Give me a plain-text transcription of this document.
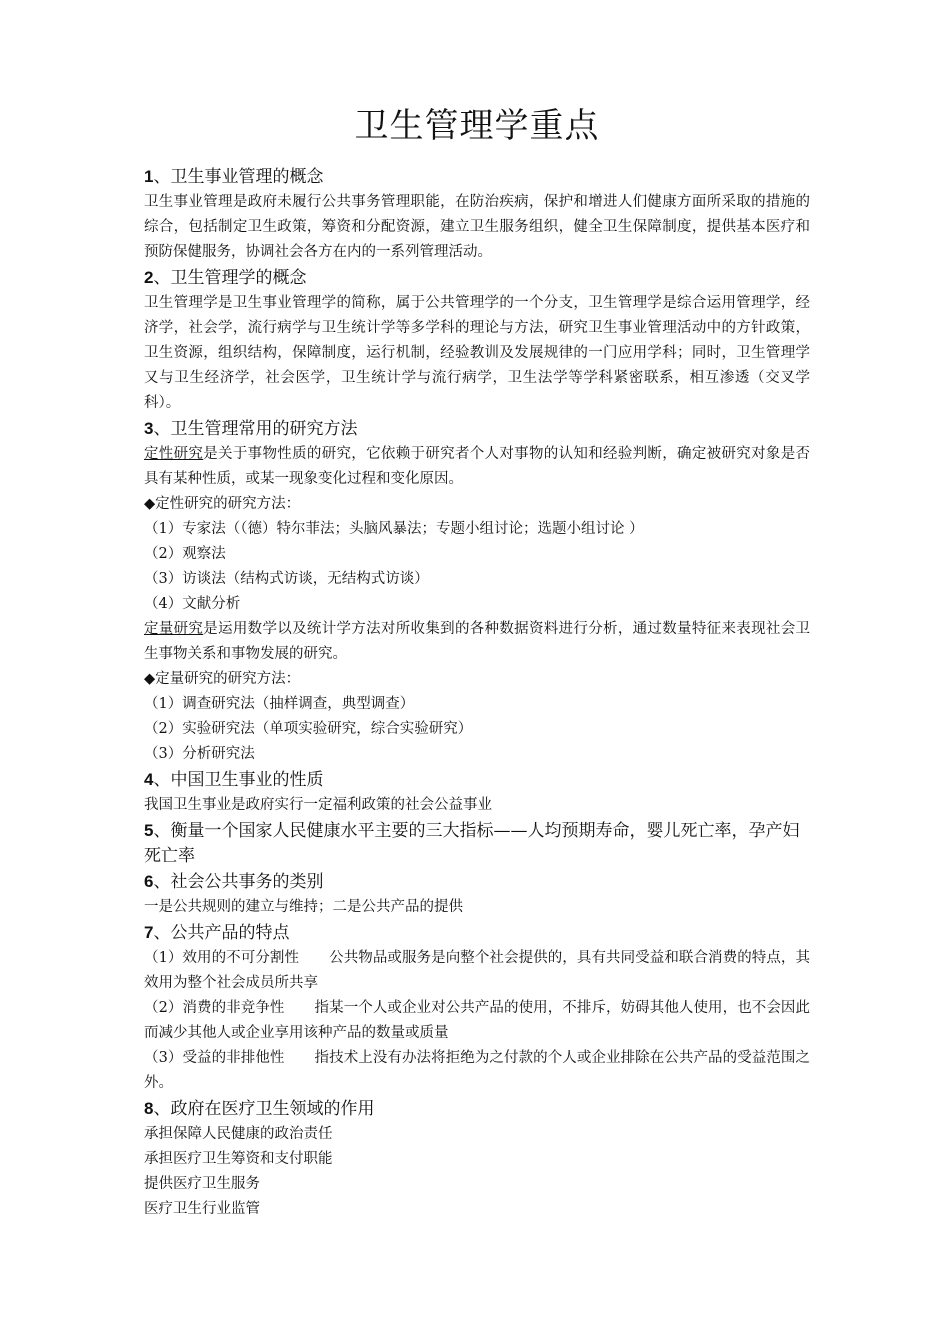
卫生管理学重点

1、卫生事业管理的概念

卫生事业管理是政府未履行公共事务管理职能，在防治疾病，保护和增进人们健康方面所采取的措施的综合，包括制定卫生政策，筹资和分配资源，建立卫生服务组织，健全卫生保障制度，提供基本医疗和预防保健服务，协调社会各方在内的一系列管理活动。

2、卫生管理学的概念

卫生管理学是卫生事业管理学的简称，属于公共管理学的一个分支，卫生管理学是综合运用管理学，经济学，社会学，流行病学与卫生统计学等多学科的理论与方法，研究卫生事业管理活动中的方针政策，卫生资源，组织结构，保障制度，运行机制，经验教训及发展规律的一门应用学科；同时，卫生管理学又与卫生经济学，社会医学，卫生统计学与流行病学，卫生法学等学科紧密联系，相互渗透（交叉学科）。

3、卫生管理常用的研究方法

定性研究是关于事物性质的研究，它依赖于研究者个人对事物的认知和经验判断，确定被研究对象是否具有某种性质，或某一现象变化过程和变化原因。

◆定性研究的研究方法：

（1）专家法（（德）特尔菲法；头脑风暴法；专题小组讨论；选题小组讨论 ）

（2）观察法

（3）访谈法（结构式访谈，无结构式访谈）

（4）文献分析

定量研究是运用数学以及统计学方法对所收集到的各种数据资料进行分析，通过数量特征来表现社会卫生事物关系和事物发展的研究。

◆定量研究的研究方法：

（1）调查研究法（抽样调查，典型调查）

（2）实验研究法（单项实验研究，综合实验研究）

（3）分析研究法

4、中国卫生事业的性质

我国卫生事业是政府实行一定福利政策的社会公益事业

5、衡量一个国家人民健康水平主要的三大指标——人均预期寿命，婴儿死亡率，孕产妇死亡率

6、社会公共事务的类别

一是公共规则的建立与维持；二是公共产品的提供

7、公共产品的特点

（1）效用的不可分割性 公共物品或服务是向整个社会提供的，具有共同受益和联合消费的特点，其效用为整个社会成员所共享

（2）消费的非竞争性 指某一个人或企业对公共产品的使用，不排斥，妨碍其他人使用，也不会因此而减少其他人或企业享用该种产品的数量或质量

（3）受益的非排他性 指技术上没有办法将拒绝为之付款的个人或企业排除在公共产品的受益范围之外。

8、政府在医疗卫生领域的作用

承担保障人民健康的政治责任

承担医疗卫生筹资和支付职能

提供医疗卫生服务

医疗卫生行业监管
